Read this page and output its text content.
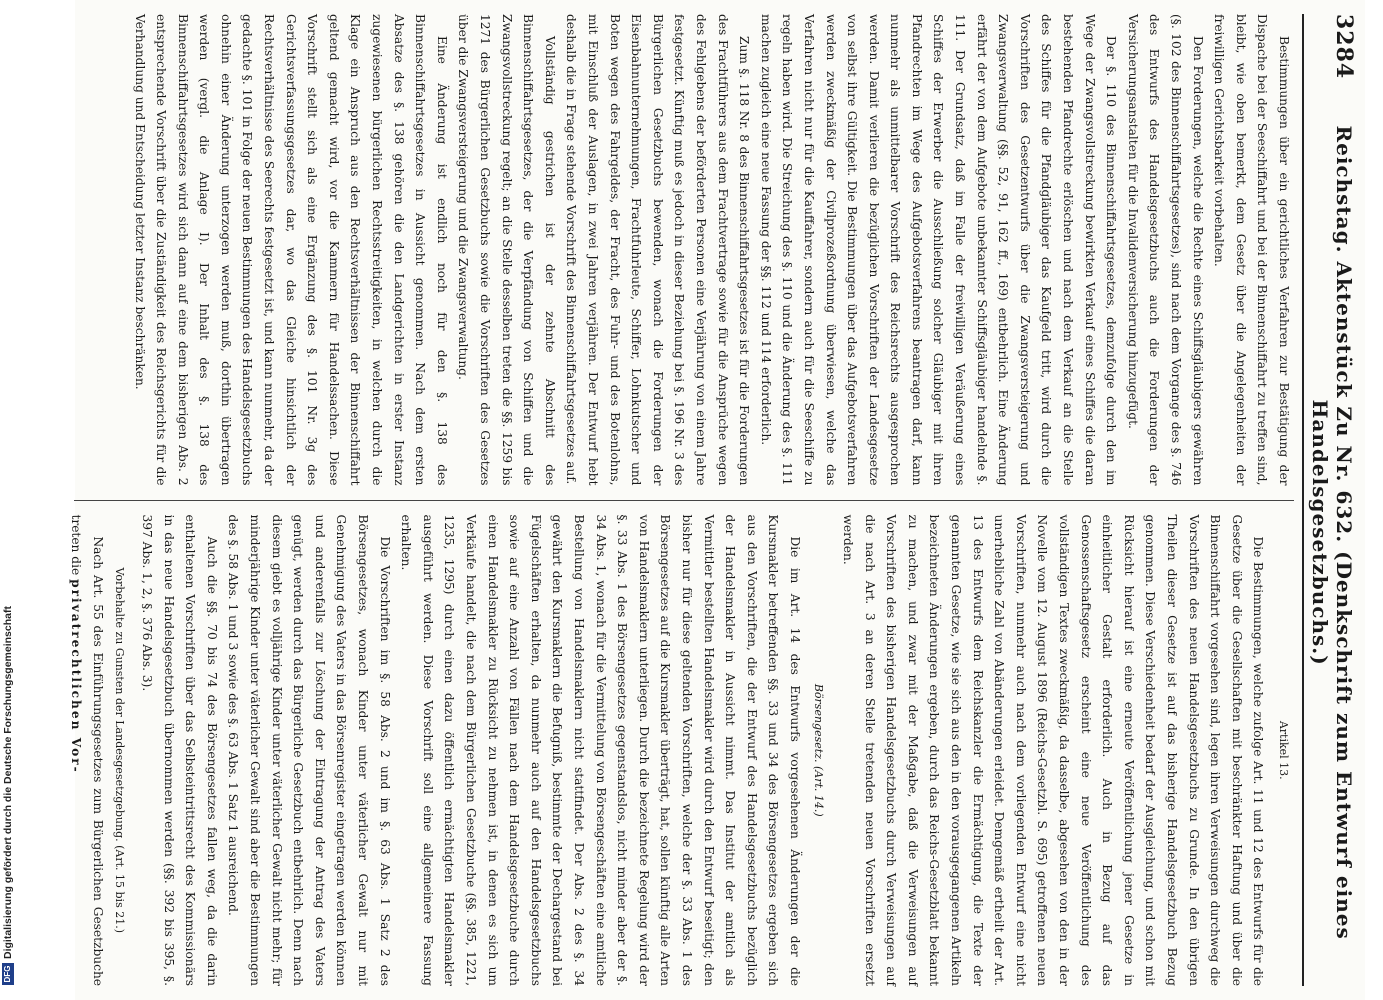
DFG
Digitalisierung gefördert durch die Deutsche Forschungsgemeinschaft
3284
Reichstag. Aktenstück Zu Nr. 632. (Denkschrift zum Entwurf eines Handelsgesetzbuchs.)

Bestimmungen über ein gerichtliches Verfahren zur Bestätigung der Dispache bei der Seeschiffahrt und bei der Binnenschiffahrt zu treffen sind, bleibt, wie oben bemerkt, dem Gesetz über die Angelegenheiten der freiwilligen Gerichtsbarkeit vorbehalten.

Den Forderungen, welche die Rechte eines Schiffsgläubigers gewähren (§. 102 des Binnenschiffahrtsgesetzes), sind nach dem Vorgange des §. 746 des Entwurfs des Handelsgesetzbuchs auch die Forderungen der Versicherungsanstalten für die Invalidenversicherung hinzugefügt.

Der §. 110 des Binnenschiffahrtsgesetzes, demzufolge durch den im Wege der Zwangsvollstreckung bewirkten Verkauf eines Schiffes die daran bestehenden Pfandrechte erlöschen und nach dem Verkauf an die Stelle des Schiffes für die Pfandgläubiger das Kaufgeld tritt, wird durch die Vorschriften des Gesetzentwurfs über die Zwangsversteigerung und Zwangsverwaltung (§§. 52, 91, 162 ff., 169) entbehrlich. Eine Änderung erfährt der von dem Aufgebote unbekannter Schiffsgläubiger handelnde §. 111. Der Grundsatz, daß im Falle der freiwilligen Veräußerung eines Schiffes der Erwerber die Ausschließung solcher Gläubiger mit ihren Pfandrechten im Wege des Aufgebotsverfahrens beantragen darf, kann nunmehr als unmittelbarer Vorschrift des Reichsrechts ausgesprochen werden. Damit verlieren die bezüglichen Vorschriften der Landesgesetze von selbst ihre Gültigkeit. Die Bestimmungen über das Aufgebotsverfahren werden zweckmäßig der Civilprozeßordnung überwiesen, welche das Verfahren nicht nur für die Kauffahrer, sondern auch für die Seeschiffe zu regeln haben wird. Die Streichung des §. 110 und die Änderung des §. 111 machen zugleich eine neue Fassung der §§. 112 und 114 erforderlich.

Zum §. 118 Nr. 8 des Binnenschiffahrtsgesetzes ist für die Forderungen des Frachtführers aus dem Frachtvertrage sowie für die Ansprüche wegen des Fehlgebens der beförderten Personen eine Verjährung von einem Jahre festgesetzt. Künftig muß es jedoch in dieser Beziehung bei §. 196 Nr. 3 des Bürgerlichen Gesetzbuchs bewenden, wonach die Forderungen der Eisenbahnunternehmungen, Frachtfuhrleute, Schiffer, Lohnkutscher und Boten wegen des Fahrgeldes, der Fracht, des Fuhr- und des Botenlohns, mit Einschluß der Auslagen, in zwei Jahren verjähren. Der Entwurf hebt deshalb die in Frage stehende Vorschrift des Binnenschiffahrtsgesetzes auf.

Vollständig gestrichen ist der zehnte Abschnitt des Binnenschiffahrtsgesetzes, der die Verpfändung von Schiffen und die Zwangsvollstreckung regelt; an die Stelle desselben treten die §§. 1259 bis 1271 des Bürgerlichen Gesetzbuchs sowie die Vorschriften des Gesetzes über die Zwangsversteigerung und die Zwangsverwaltung.

Eine Änderung ist endlich noch für den §. 138 des Binnenschiffahrtsgesetzes in Aussicht genommen. Nach dem ersten Absatze des §. 138 gehören die den Landgerichten in erster Instanz zugewiesenen bürgerlichen Rechtsstreitigkeiten, in welchen durch die Klage ein Anspruch aus den Rechtsverhältnissen der Binnenschiffahrt geltend gemacht wird, vor die Kammern für Handelssachen. Diese Vorschrift stellt sich als eine Ergänzung des §. 101 Nr. 3g des Gerichtsverfassungsgesetzes dar, wo das Gleiche hinsichtlich der Rechtsverhältnisse des Seerechts festgesetzt ist, und kann nunmehr, da der gedachte §. 101 in Folge der neuen Bestimmungen des Handelsgesetzbuchs ohnehin einer Änderung unterzogen werden muß, dorthin übertragen werden (vergl. die Anlage I). Der Inhalt des §. 138 des Binnenschiffahrtsgesetzes wird sich dann auf eine dem bisherigen Abs. 2 entsprechende Vorschrift über die Zuständigkeit des Reichsgerichts für die Verhandlung und Entscheidung letzter Instanz beschränken.

Artikel 13.

Die Bestimmungen, welche zufolge Art. 11 und 12 des Entwurfs für die Gesetze über die Gesellschaften mit beschränkter Haftung und über die Binnenschiffahrt vorgesehen sind, legen ihren Verweisungen durchweg die Vorschriften des neuen Handelsgesetzbuchs zu Grunde. In den übrigen Theilen dieser Gesetze ist auf das bisherige Handelsgesetzbuch Bezug genommen. Diese Verschiedenheit bedarf der Ausgleichung, und schon mit Rücksicht hierauf ist eine erneute Veröffentlichung jener Gesetze in einheitlicher Gestalt erforderlich. Auch in Bezug auf das Genossenschaftsgesetz erscheint eine neue Veröffentlichung des vollständigen Textes zweckmäßig, da dasselbe, abgesehen von den in der Novelle vom 12. August 1896 (Reichs-Gesetzbl. S. 695) getroffenen neuen Vorschriften, nunmehr auch nach dem vorliegenden Entwurf eine nicht unerhebliche Zahl von Abänderungen erleidet. Demgemäß ertheilt der Art. 13 des Entwurfs dem Reichskanzler die Ermächtigung, die Texte der genannten Gesetze, wie sie sich aus den in den vorausgegangenen Artikeln bezeichneten Änderungen ergeben, durch das Reichs-Gesetzblatt bekannt zu machen, und zwar mit der Maßgabe, daß die Verweisungen auf Vorschriften des bisherigen Handelsgesetzbuchs durch Verweisungen auf die nach Art. 3 an deren Stelle tretenden neuen Vorschriften ersetzt werden.

Börsengesetz. (Art. 14.)

Die im Art. 14 des Entwurfs vorgesehenen Änderungen der die Kursmakler betreffenden §§. 33 und 34 des Börsengesetzes ergeben sich aus den Vorschriften, die der Entwurf des Handelsgesetzbuchs bezüglich der Handelsmakler in Aussicht nimmt. Das Institut der amtlich als Vermittler bestellten Handelsmakler wird durch den Entwurf beseitigt; den bisher nur für diese geltenden Vorschriften, welche der §. 33 Abs. 1 des Börsengesetzes auf die Kursmakler überträgt, hat, sollen künftig alle Arten von Handelsmaklern unterliegen. Durch die bezeichnete Regelung wird der §. 33 Abs. 1 des Börsengesetzes gegenstandslos, nicht minder aber der §. 34 Abs. 1, wonach für die Vermittelung von Börsengeschäften eine amtliche Bestellung von Handelsmaklern nicht stattfindet. Der Abs. 2 des §. 34 gewährt den Kursmaklern die Befugniß, bestimmte der Dechargestand bei Fügelschäften erhalten, da nunmehr auch auf den Handelsgesetzbuchs sowie auf eine Anzahl von Fällen nach dem Handelsgesetzbuche durch einen Handelsmakler zu Rücksicht zu nehmen ist, in denen es sich um Verkäufe handelt, die nach dem Bürgerlichen Gesetzbuche (§§. 385, 1221, 1235, 1295) durch einen dazu öffentlich ermächtigten Handelsmakler ausgeführt werden. Diese Vorschrift soll eine allgemeinere Fassung erhalten.

Die Vorschriften im §. 58 Abs. 2 und im §. 63 Abs. 1 Satz 2 des Börsengesetzes, wonach Kinder unter väterlicher Gewalt nur mit Genehmigung des Vaters in das Börsenregister eingetragen werden können und anderenfalls zur Löschung der Eintragung der Antrag des Vaters genügt, werden durch das Bürgerliche Gesetzbuch entbehrlich. Denn nach diesem giebt es volljährige Kinder unter väterlicher Gewalt nicht mehr; für minderjährige Kinder unter väterlicher Gewalt sind aber die Bestimmungen des §. 58 Abs. 1 und 3 sowie des §. 63 Abs. 1 Satz 1 ausreichend.

Auch die §§. 70 bis 74 des Börsengesetzes fallen weg, da die darin enthaltenen Vorschriften über das Selbsteintrittsrecht des Kommissionärs in das neue Handelsgesetzbuch übernommen werden (§§. 392 bis 395, §. 397 Abs. 1, 2, §. 376 Abs. 3).

Vorbehalte zu Gunsten der Landesgesetzgebung. (Art. 15 bis 21.)

Nach Art. 55 des Einführungsgesetzes zum Bürgerlichen Gesetzbuche treten die privatrechtlichen Vor-
